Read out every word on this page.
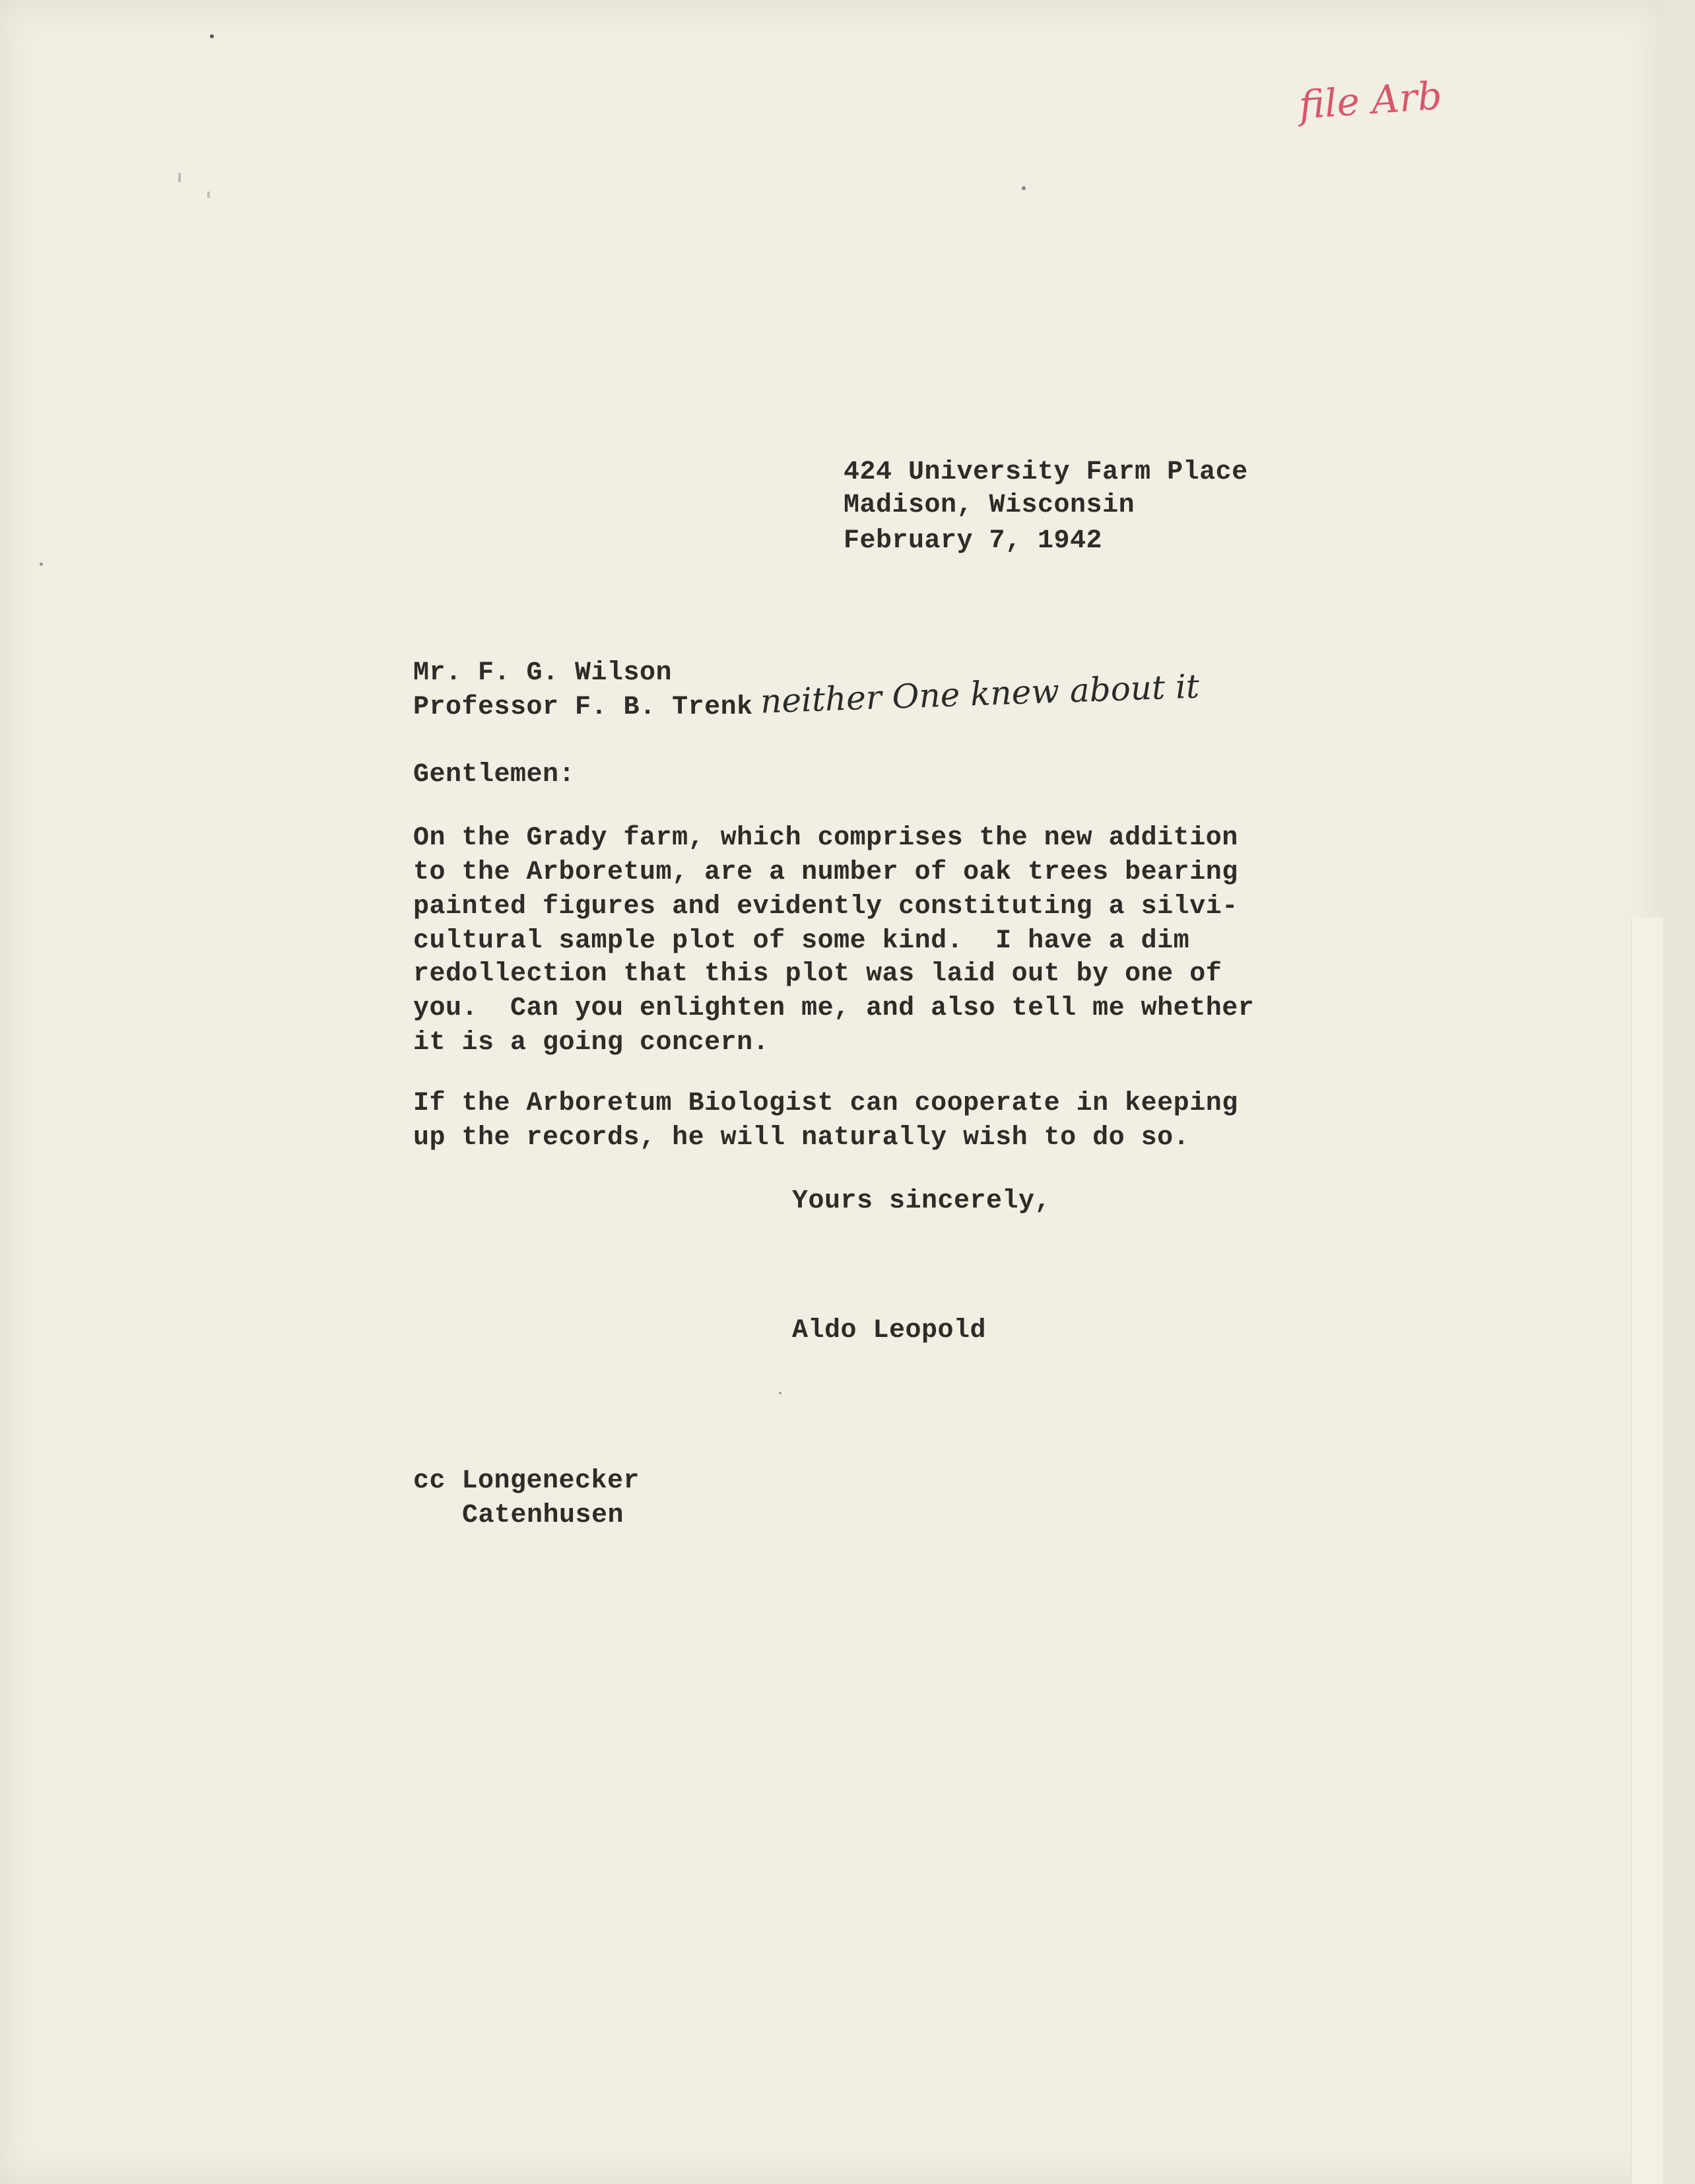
file Arb
424 University Farm Place
Madison, Wisconsin
February 7, 1942
Mr. F. G. Wilson
Professor F. B. Trenk neither One knew about it
Gentlemen:
On the Grady farm, which comprises the new addition
to the Arboretum, are a number of oak trees bearing
painted figures and evidently constituting a silvi-
cultural sample plot of some kind.  I have a dim
redollection that this plot was laid out by one of
you.  Can you enlighten me, and also tell me whether
it is a going concern.
If the Arboretum Biologist can cooperate in keeping
up the records, he will naturally wish to do so.
Yours sincerely,
Aldo Leopold
cc Longenecker
Catenhusen
